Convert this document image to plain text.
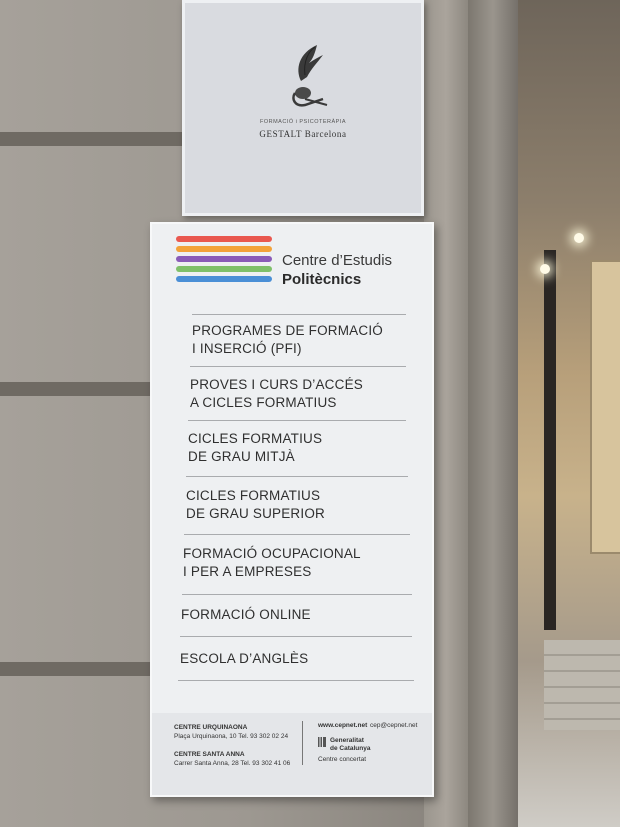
FORMACIÓ i PSICOTERÀPIA
GESTALT Barcelona
Centre d’Estudis
Politècnics
PROGRAMES DE FORMACIÓ
I INSERCIÓ (PFI)
PROVES I CURS D’ACCÉS
A CICLES FORMATIUS
CICLES FORMATIUS
DE GRAU MITJÀ
CICLES FORMATIUS
DE GRAU SUPERIOR
FORMACIÓ OCUPACIONAL
I PER A EMPRESES
FORMACIÓ ONLINE
ESCOLA D’ANGLÈS
CENTRE URQUINAONA
Plaça Urquinaona, 10 Tel. 93 302 02 24
CENTRE SANTA ANNA
Carrer Santa Anna, 28 Tel. 93 302 41 06
www.cepnet.net cep@cepnet.net
Generalitat
de Catalunya
Centre concertat
